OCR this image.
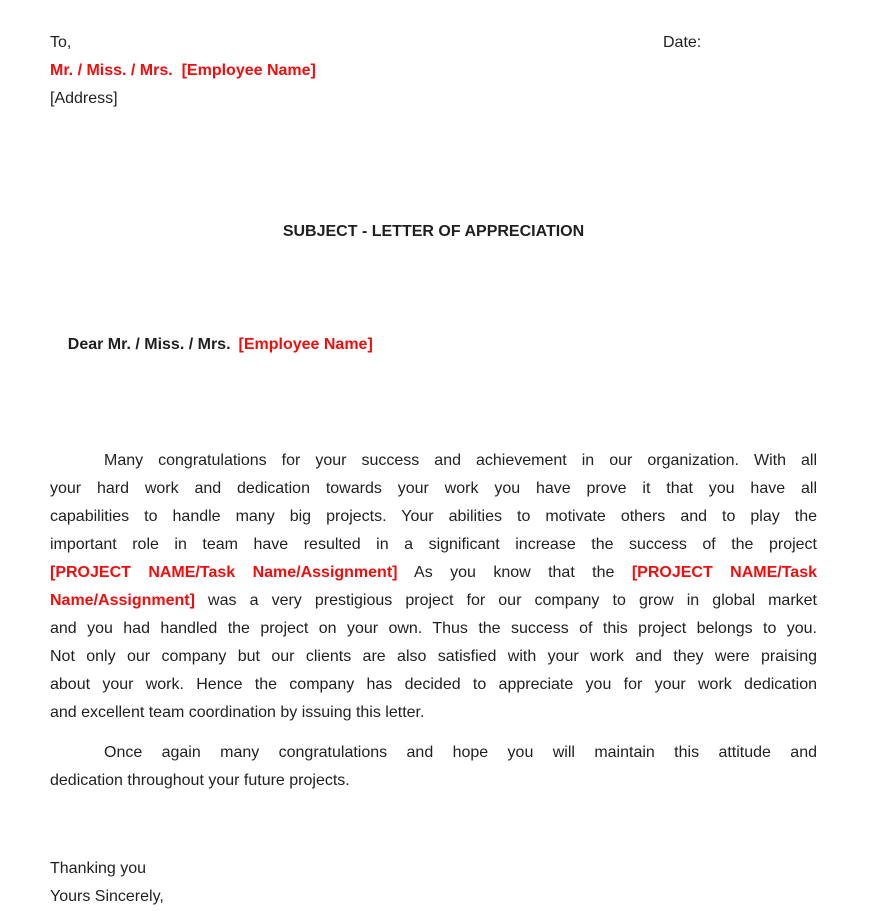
To,	Date:
Mr. / Miss. / Mrs.  [Employee Name]
[Address]
SUBJECT - LETTER OF APPRECIATION

Dear Mr. / Miss. / Mrs. [Employee Name]

Many congratulations for your success and achievement in our organization. With all
your hard work and dedication towards your work you have prove it that you have all
capabilities to handle many big projects. Your abilities to motivate others and to play the
important role in team have resulted in a significant increase the success of the project
[PROJECT NAME/Task Name/Assignment] As you know that the [PROJECT NAME/Task
Name/Assignment] was a very prestigious project for our company to grow in global market
and you had handled the project on your own. Thus the success of this project belongs to you.
Not only our company but our clients are also satisfied with your work and they were praising
about your work. Hence the company has decided to appreciate you for your work dedication
and excellent team coordination by issuing this letter.
Once again many congratulations and hope you will maintain this attitude and
dedication throughout your future projects.
Thanking you
Yours Sincerely,
